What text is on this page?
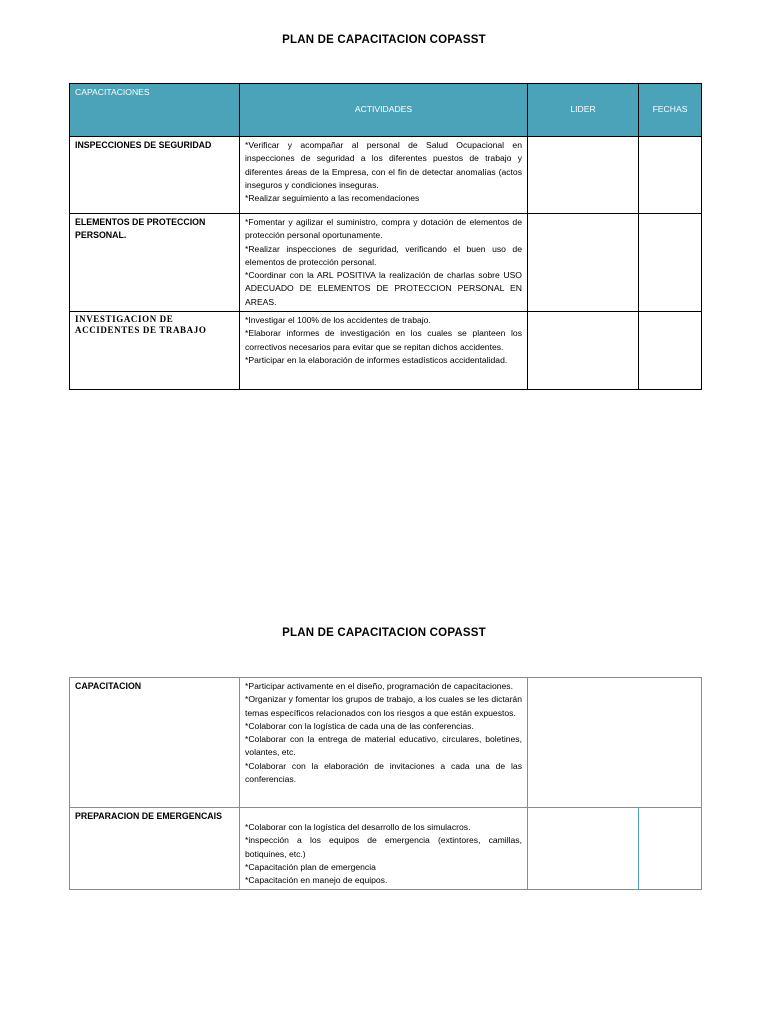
PLAN DE CAPACITACION COPASST
CAPACITACIONES	ACTIVIDADES	LIDER	FECHAS
INSPECCIONES DE SEGURIDAD	*Verificar y acompañar al personal de Salud Ocupacional en inspecciones de seguridad a los diferentes puestos de trabajo y diferentes áreas de la Empresa, con el fin de detectar anomalías (actos inseguros y condiciones inseguras.
*Realizar seguimiento a las recomendaciones		

ELEMENTOS DE PROTECCION PERSONAL.	*Fomentar y agilizar el suministro, compra y dotación de elementos de protección personal oportunamente.
*Realizar inspecciones de seguridad, verificando el buen uso de elementos de protección personal.
*Coordinar con la ARL POSITIVA la realización de charlas sobre USO ADECUADO DE ELEMENTOS DE PROTECCION PERSONAL EN AREAS.		

INVESTIGACION DE ACCIDENTES DE TRABAJO	*Investigar el 100% de los accidentes de trabajo.
*Elaborar informes de investigación en los cuales se planteen los correctivos necesarios para evitar que se repitan dichos accidentes.
*Participar en la elaboración de informes estadísticos accidentalidad.		

PLAN DE CAPACITACION COPASST
CAPACITACION	*Participar activamente en el diseño, programación de capacitaciones.
*Organizar y fomentar los grupos de trabajo, a los cuales se les dictarán temas específicos relacionados con los riesgos a que están expuestos.
*Colaborar con la logística de cada una de las conferencias.
*Colaborar con la entrega de material educativo, circulares, boletines, volantes, etc.
*Colaborar con la elaboración de invitaciones a cada una de las conferencias.		

PREPARACION DE EMERGENCAIS	*Colaborar con la logística del desarrollo de los simulacros.
*inspección a los equipos de emergencia (extintores, camillas, botiquines, etc.)
*Capacitación plan de emergencia
*Capacitación en manejo de equipos.		
